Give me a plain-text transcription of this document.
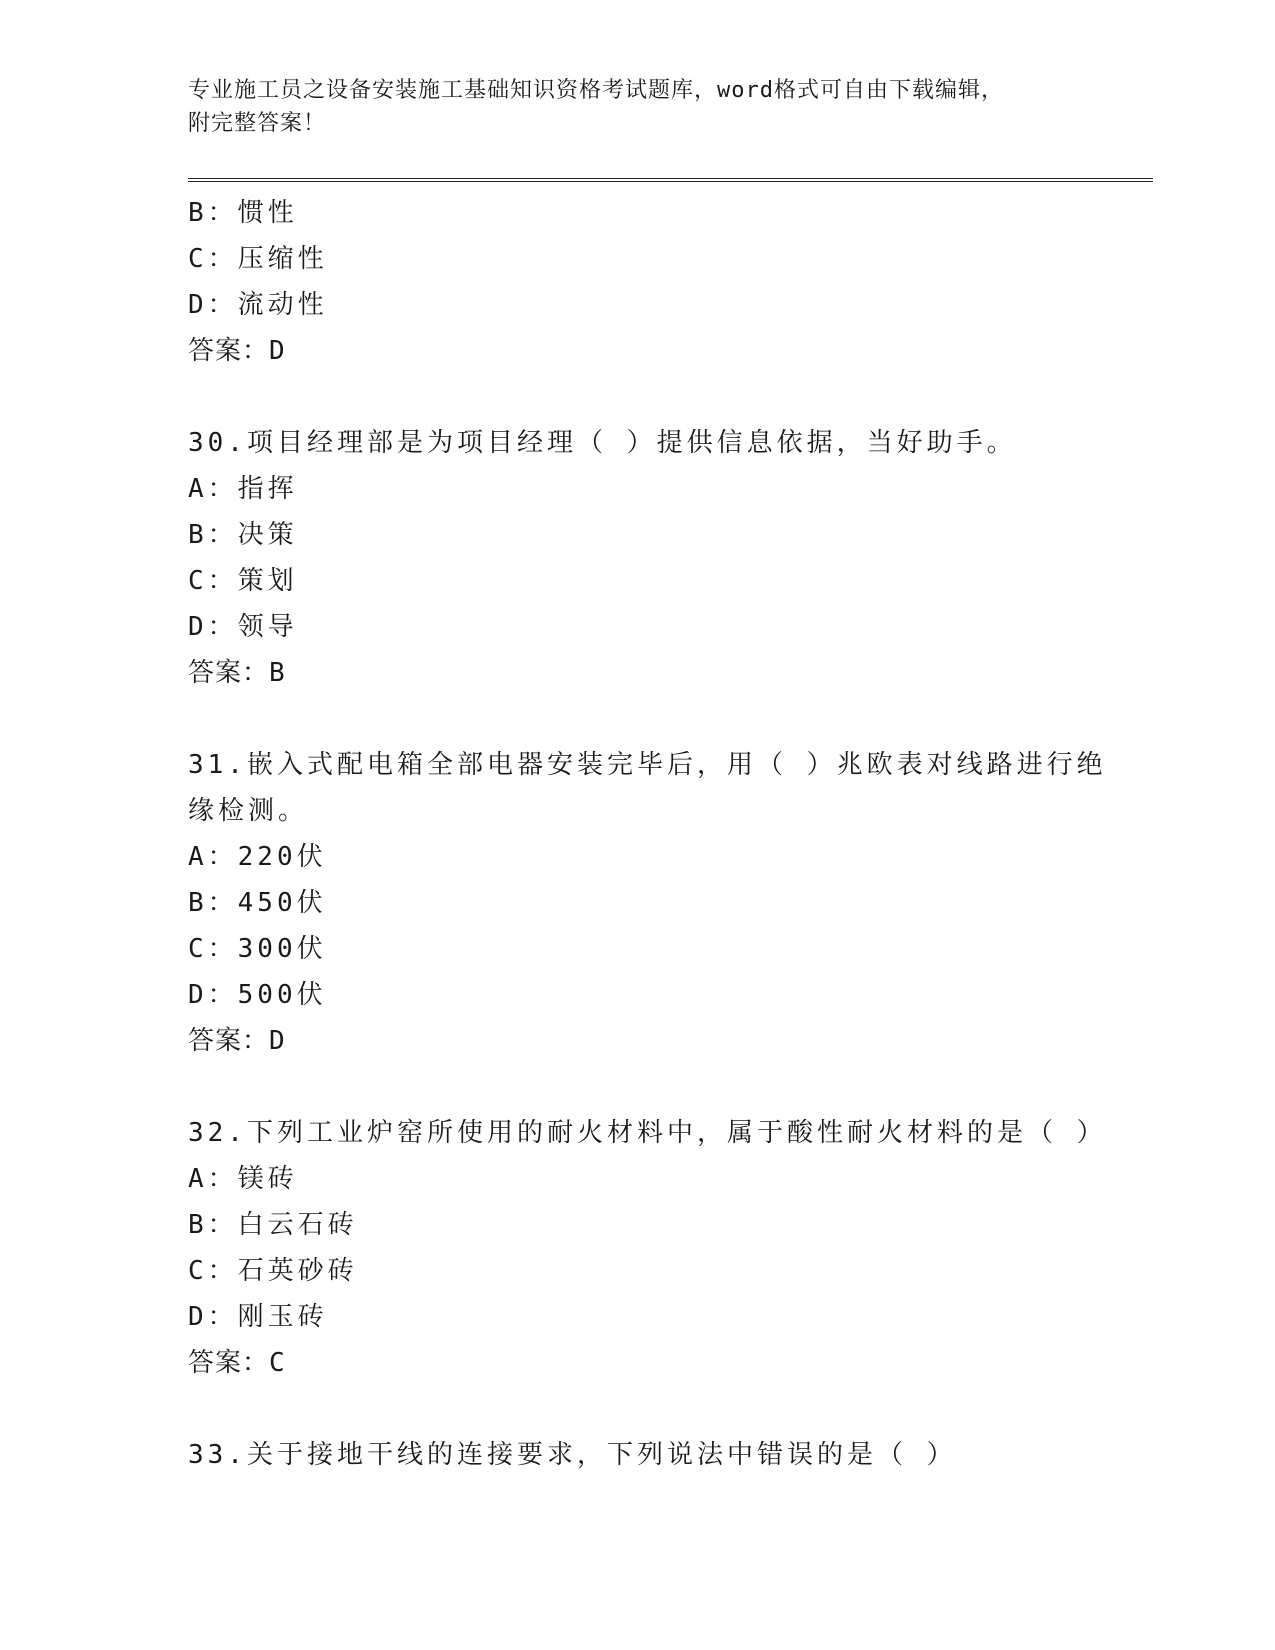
专业施工员之设备安装施工基础知识资格考试题库，word格式可自由下载编辑，
附完整答案！
B：惯性
C：压缩性
D：流动性
答案：D
30.项目经理部是为项目经理（ ）提供信息依据，当好助手。
A：指挥
B：决策
C：策划
D：领导
答案：B
31.嵌入式配电箱全部电器安装完毕后，用（ ）兆欧表对线路进行绝
缘检测。
A：220伏
B：450伏
C：300伏
D：500伏
答案：D
32.下列工业炉窑所使用的耐火材料中，属于酸性耐火材料的是（ ）
A：镁砖
B：白云石砖
C：石英砂砖
D：刚玉砖
答案：C
33.关于接地干线的连接要求，下列说法中错误的是（ ）
